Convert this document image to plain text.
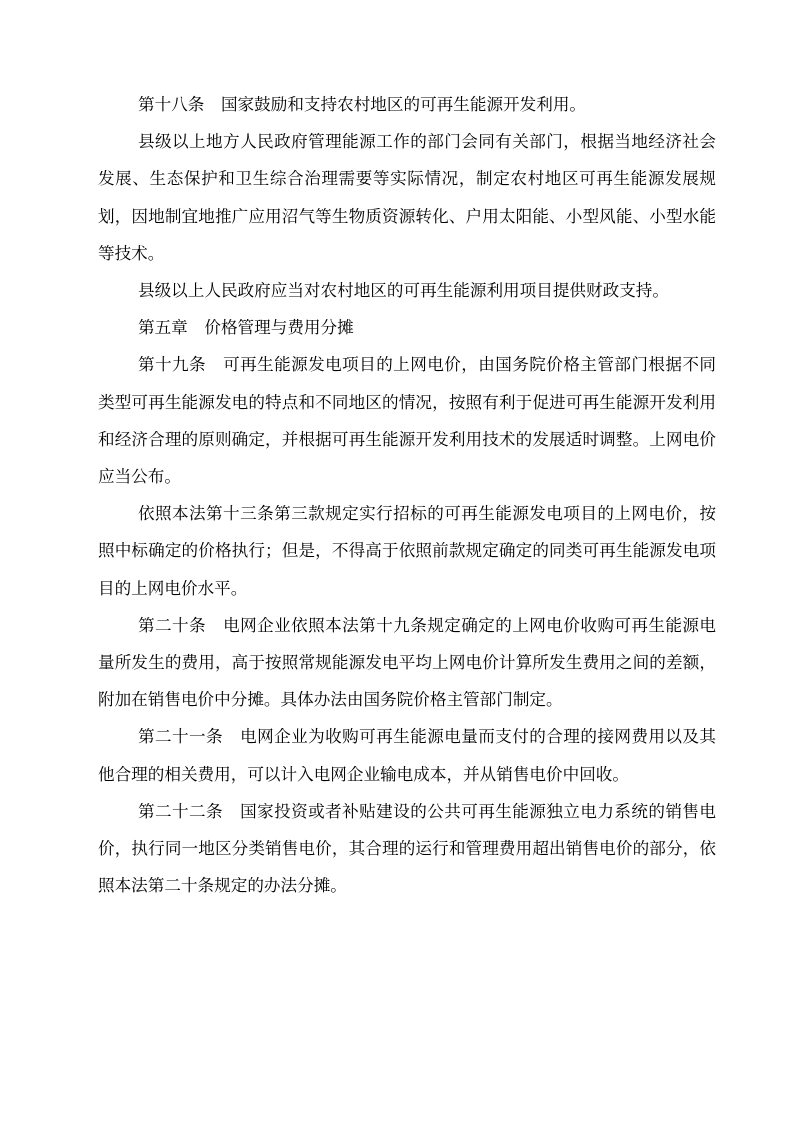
第十八条　 国家鼓励和支持农村地区的可再生能源开发利用。

县级以上地方人民政府管理能源工作的部门会同有关部门，根据当地经济社会发展、生态保护和卫生综合治理需要等实际情况，制定农村地区可再生能源发展规划，因地制宜地推广应用沼气等生物质资源转化、户用太阳能、小型风能、小型水能等技术。

县级以上人民政府应当对农村地区的可再生能源利用项目提供财政支持。

第五章　 价格管理与费用分摊

第十九条　 可再生能源发电项目的上网电价，由国务院价格主管部门根据不同类型可再生能源发电的特点和不同地区的情况，按照有利于促进可再生能源开发利用和经济合理的原则确定，并根据可再生能源开发利用技术的发展适时调整。上网电价应当公布。

依照本法第十三条第三款规定实行招标的可再生能源发电项目的上网电价，按照中标确定的价格执行；但是，不得高于依照前款规定确定的同类可再生能源发电项目的上网电价水平。

第二十条　 电网企业依照本法第十九条规定确定的上网电价收购可再生能源电量所发生的费用，高于按照常规能源发电平均上网电价计算所发生费用之间的差额，附加在销售电价中分摊。具体办法由国务院价格主管部门制定。

第二十一条　 电网企业为收购可再生能源电量而支付的合理的接网费用以及其他合理的相关费用，可以计入电网企业输电成本，并从销售电价中回收。

第二十二条　 国家投资或者补贴建设的公共可再生能源独立电力系统的销售电价，执行同一地区分类销售电价，其合理的运行和管理费用超出销售电价的部分，依照本法第二十条规定的办法分摊。
